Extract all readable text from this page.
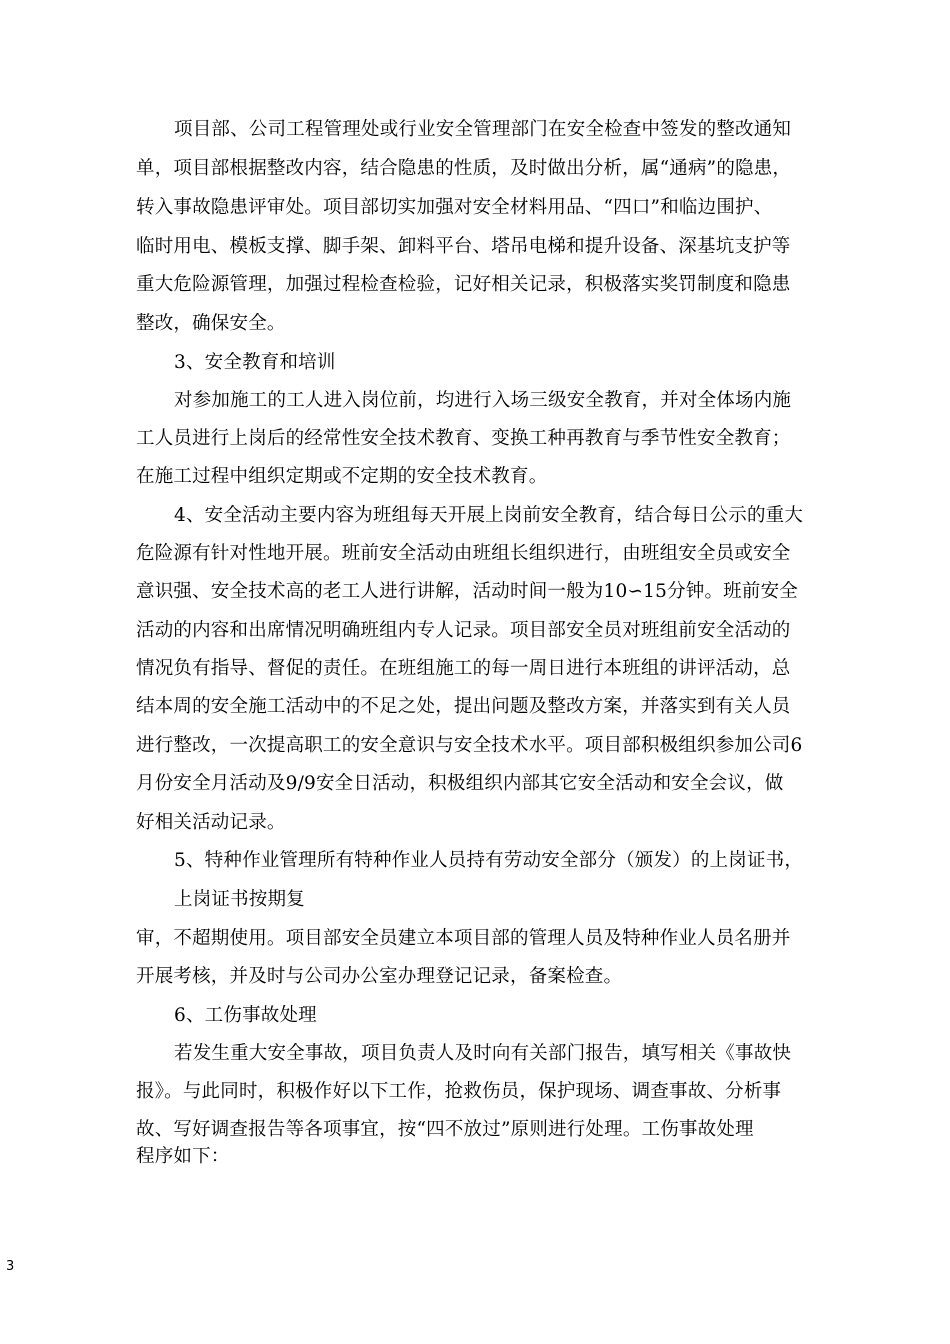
项目部、公司工程管理处或行业安全管理部门在安全检查中签发的整改通知
单，项目部根据整改内容，结合隐患的性质，及时做出分析，属“通病”的隐患，
转入事故隐患评审处。项目部切实加强对安全材料用品、“四口”和临边围护、
临时用电、模板支撑、脚手架、卸料平台、塔吊电梯和提升设备、深基坑支护等
重大危险源管理，加强过程检查检验，记好相关记录，积极落实奖罚制度和隐患
整改，确保安全。
3、安全教育和培训
对参加施工的工人进入岗位前，均进行入场三级安全教育，并对全体场内施
工人员进行上岗后的经常性安全技术教育、变换工种再教育与季节性安全教育；
在施工过程中组织定期或不定期的安全技术教育。
4、安全活动主要内容为班组每天开展上岗前安全教育，结合每日公示的重大
危险源有针对性地开展。班前安全活动由班组长组织进行，由班组安全员或安全
意识强、安全技术高的老工人进行讲解，活动时间一般为10∽15分钟。班前安全
活动的内容和出席情况明确班组内专人记录。项目部安全员对班组前安全活动的
情况负有指导、督促的责任。在班组施工的每一周日进行本班组的讲评活动，总
结本周的安全施工活动中的不足之处，提出问题及整改方案，并落实到有关人员
进行整改，一次提高职工的安全意识与安全技术水平。项目部积极组织参加公司6
月份安全月活动及9/9安全日活动，积极组织内部其它安全活动和安全会议，做
好相关活动记录。
5、特种作业管理所有特种作业人员持有劳动安全部分（颁发）的上岗证书，
上岗证书按期复
审，不超期使用。项目部安全员建立本项目部的管理人员及特种作业人员名册并
开展考核，并及时与公司办公室办理登记记录，备案检查。
6、工伤事故处理
若发生重大安全事故，项目负责人及时向有关部门报告，填写相关《事故快
报》。与此同时，积极作好以下工作，抢救伤员，保护现场、调查事故、分析事
故、写好调查报告等各项事宜，按“四不放过”原则进行处理。工伤事故处理
程序如下：
3
